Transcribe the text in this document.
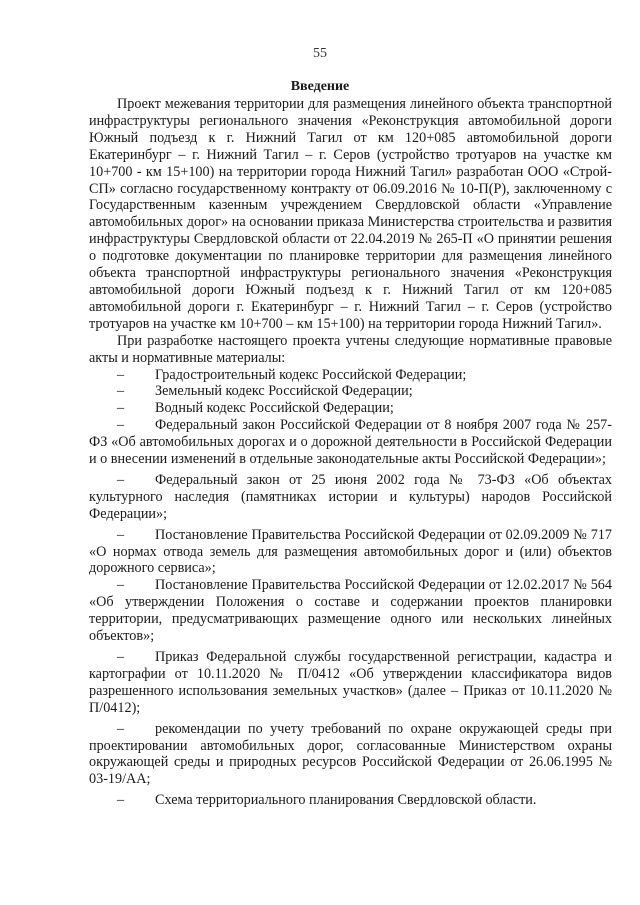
55
Введение

Проект межевания территории для размещения линейного объекта транспортной инфраструктуры регионального значения «Реконструкция автомобильной дороги Южный подъезд к г. Нижний Тагил от км 120+085 автомобильной дороги Екатеринбург – г. Нижний Тагил – г. Серов (устройство тротуаров на участке км 10+700 - км 15+100) на территории города Нижний Тагил» разработан ООО «Строй-СП» согласно государственному контракту от 06.09.2016 № 10-П(Р), заключенному с Государственным казенным учреждением Свердловской области «Управление автомобильных дорог» на основании приказа Министерства строительства и развития инфраструктуры Свердловской области от 22.04.2019 № 265-П «О принятии решения о подготовке документации по планировке территории для размещения линейного объекта транспортной инфраструктуры регионального значения «Реконструкция автомобильной дороги Южный подъезд к г. Нижний Тагил от км 120+085 автомобильной дороги г. Екатеринбург – г. Нижний Тагил – г. Серов (устройство тротуаров на участке км 10+700 – км 15+100) на территории города Нижний Тагил».

При разработке настоящего проекта учтены следующие нормативные правовые акты и нормативные материалы:

– Градостроительный кодекс Российской Федерации;

– Земельный кодекс Российской Федерации;

– Водный кодекс Российской Федерации;

– Федеральный закон Российской Федерации от 8 ноября 2007 года № 257-ФЗ «Об автомобильных дорогах и о дорожной деятельности в Российской Федерации и о внесении изменений в отдельные законодательные акты Российской Федерации»;

– Федеральный закон от 25 июня 2002 года № 73-ФЗ «Об объектах культурного наследия (памятниках истории и культуры) народов Российской Федерации»;

– Постановление Правительства Российской Федерации от 02.09.2009 № 717 «О нормах отвода земель для размещения автомобильных дорог и (или) объектов дорожного сервиса»;

– Постановление Правительства Российской Федерации от 12.02.2017 № 564 «Об утверждении Положения о составе и содержании проектов планировки территории, предусматривающих размещение одного или нескольких линейных объектов»;

– Приказ Федеральной службы государственной регистрации, кадастра и картографии от 10.11.2020 № П/0412 «Об утверждении классификатора видов разрешенного использования земельных участков» (далее – Приказ от 10.11.2020 № П/0412);

– рекомендации по учету требований по охране окружающей среды при проектировании автомобильных дорог, согласованные Министерством охраны окружающей среды и природных ресурсов Российской Федерации от 26.06.1995 № 03-19/АА;

– Схема территориального планирования Свердловской области.
